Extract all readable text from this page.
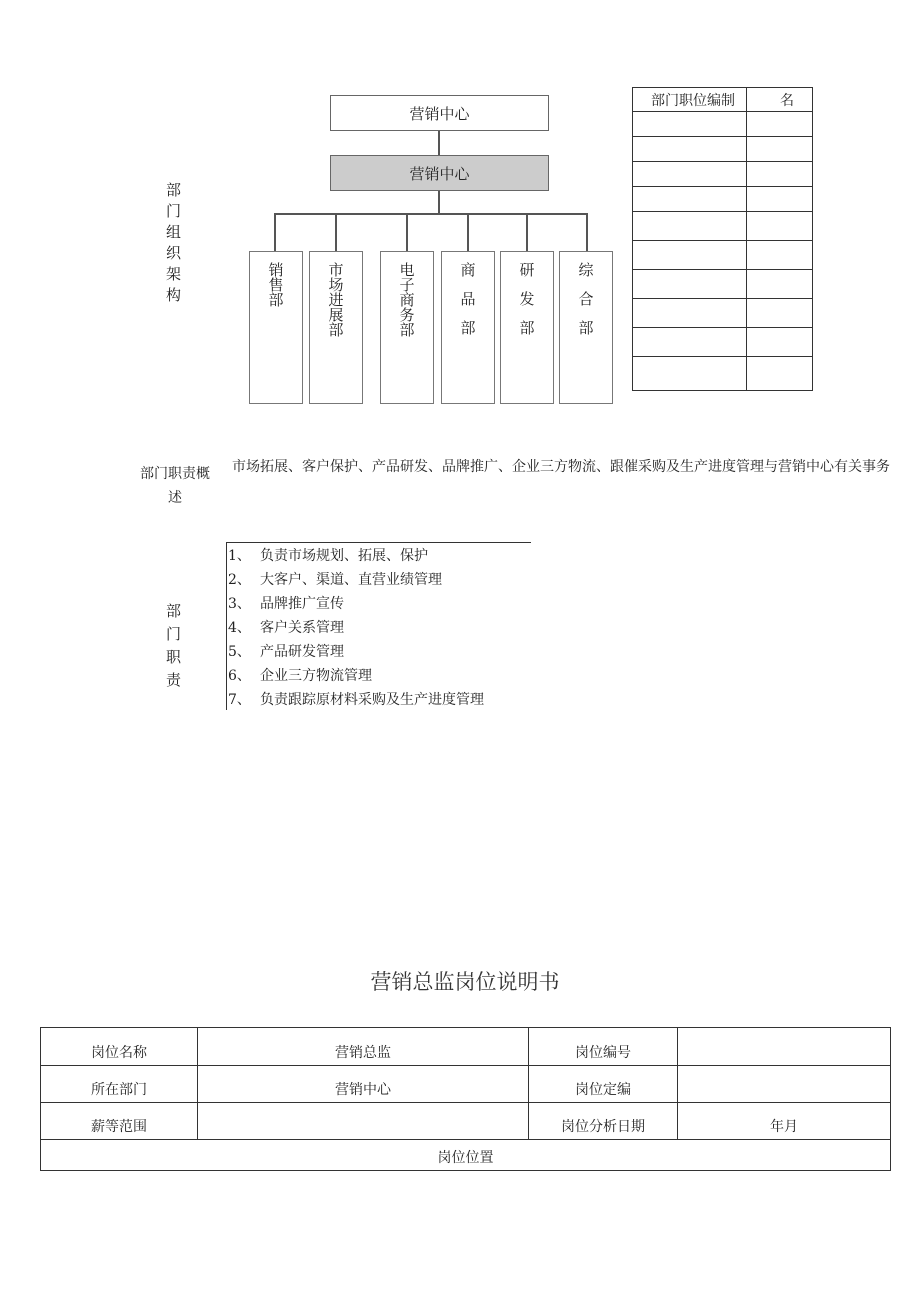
部门组织架构
营销中心
营销中心
销售部	市场进展部	电子商务部	商品部	研发部	综合部
部门职位编制	名

部门职责概述
市场拓展、客户保护、产品研发、品牌推广、企业三方物流、跟催采购及生产进度管理与营销中心有关事务
部门职责
1、 负责市场规划、拓展、保护
2、 大客户、渠道、直营业绩管理
3、 品牌推广宣传
4、 客户关系管理
5、 产品研发管理
6、 企业三方物流管理
7、 负责跟踪原材料采购及生产进度管理
营销总监岗位说明书
岗位名称	营销总监	岗位编号	
所在部门	营销中心	岗位定编	
薪等范围		岗位分析日期	年月
岗位位置			
